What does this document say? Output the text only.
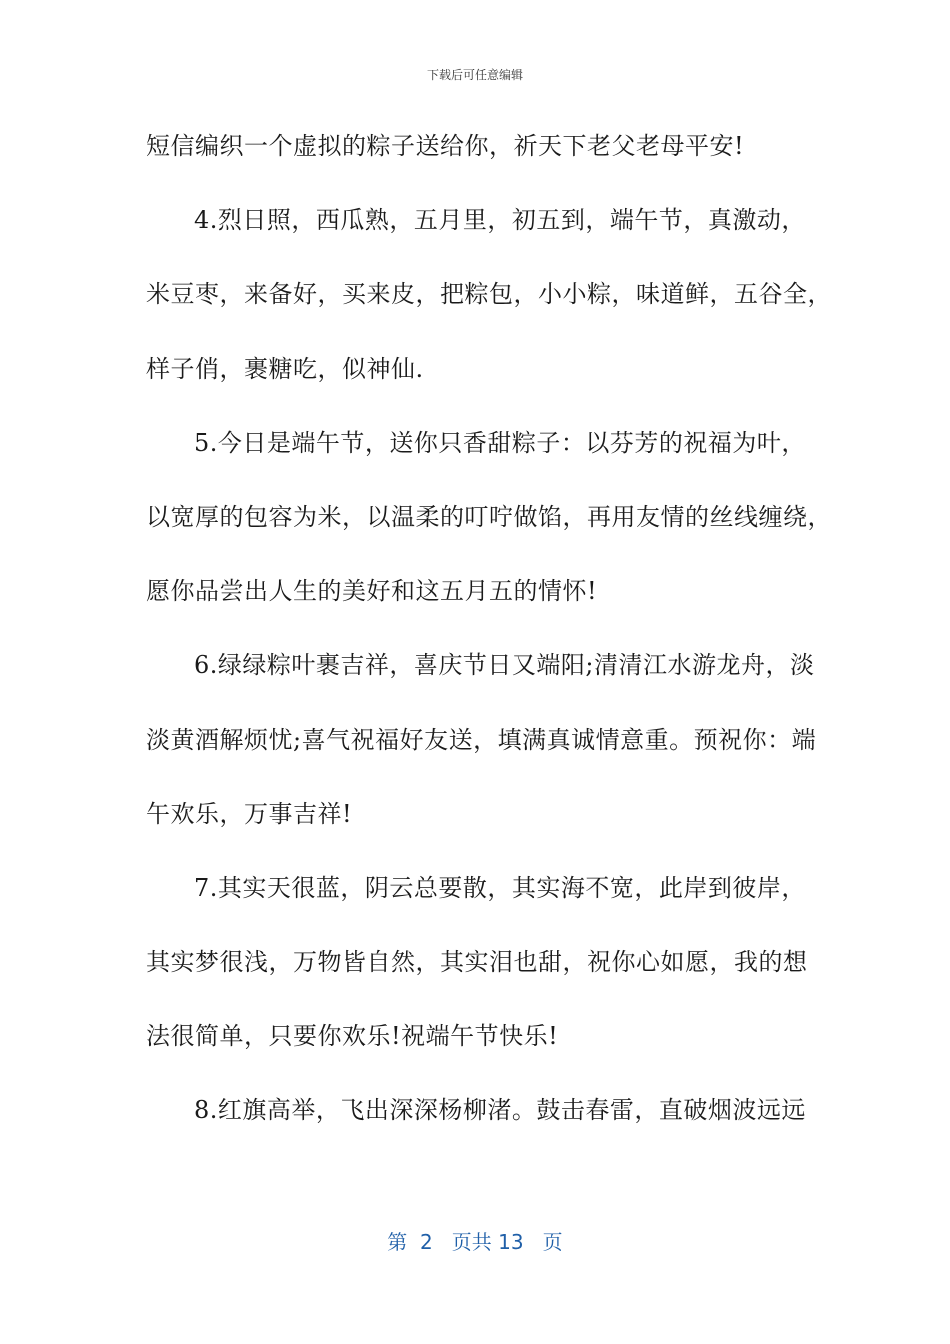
下载后可任意编辑
短信编织一个虚拟的粽子送给你，祈天下老父老母平安!
4.烈日照，西瓜熟，五月里，初五到，端午节，真激动，
米豆枣，来备好，买来皮，把粽包，小小粽，味道鲜，五谷全，
样子俏，裹糖吃，似神仙.
5.今日是端午节，送你只香甜粽子：以芬芳的祝福为叶，
以宽厚的包容为米，以温柔的叮咛做馅，再用友情的丝线缠绕，
愿你品尝出人生的美好和这五月五的情怀!
6.绿绿粽叶裹吉祥，喜庆节日又端阳;清清江水游龙舟，淡
淡黄酒解烦忧;喜气祝福好友送，填满真诚情意重。预祝你：端
午欢乐，万事吉祥!
7.其实天很蓝，阴云总要散，其实海不宽，此岸到彼岸，
其实梦很浅，万物皆自然，其实泪也甜，祝你心如愿，我的想
法很简单，只要你欢乐!祝端午节快乐!
8.红旗高举，飞出深深杨柳渚。鼓击春雷，直破烟波远远
第  2   页共 13   页
